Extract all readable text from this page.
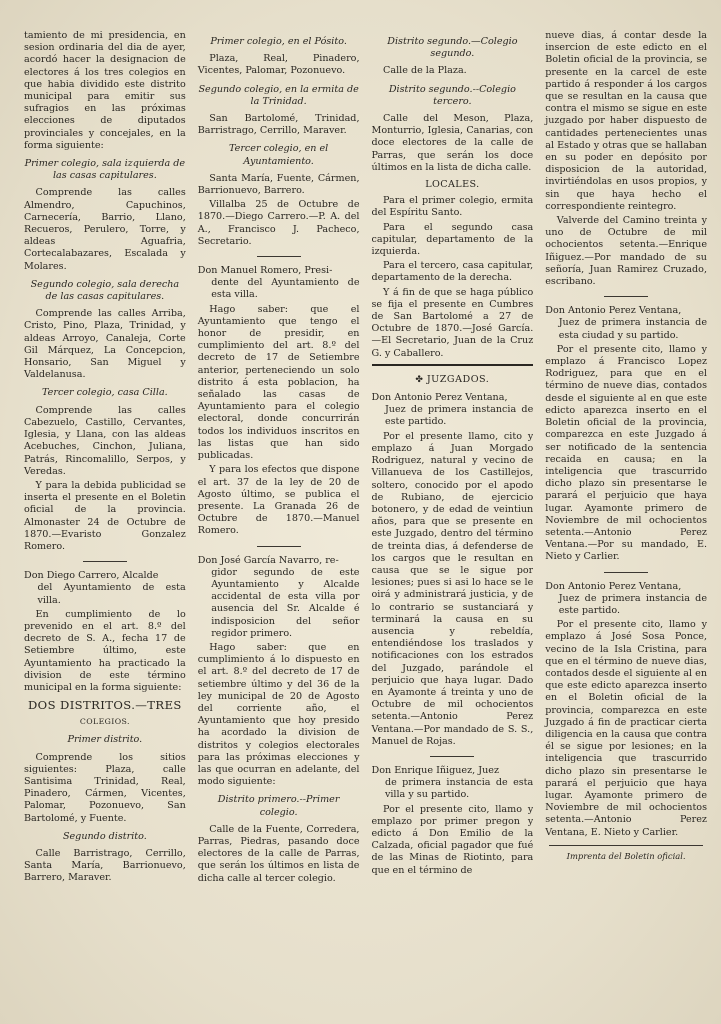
tamiento de mi presidencia, en sesion ordinaria del dia de ayer, acordó hacer la designacion de electores á los tres colegios en que habia dividido este distrito municipal para emitir sus sufragios en las próximas elecciones de diputados provinciales y concejales, en la forma siguiente:

Primer colegio, sala izquierda de las casas capitulares.

Comprende las calles Almendro, Capuchinos, Carnecería, Barrio, Llano, Recueros, Perulero, Torre, y aldeas Aguafria, Cortecalabazares, Escalada y Molares.

Segundo colegio, sala derecha de las casas capitulares.

Comprende las calles Arriba, Cristo, Pino, Plaza, Trinidad, y aldeas Arroyo, Canaleja, Corte Gil Márquez, La Concepcion, Honsario, San Miguel y Valdelanusa.

Tercer colegio, casa Cilla.

Comprende las calles Cabezuelo, Castillo, Cervantes, Iglesia, y Llana, con las aldeas Acebuches, Cinchon, Juliana, Patrás, Rincomalillo, Serpos, y Veredas.

Y para la debida publicidad se inserta el presente en el Boletin oficial de la provincia. Almonaster 24 de Octubre de 1870.—Evaristo Gonzalez Romero.

Don Diego Carrero, Alcalde
del Ayuntamiento de esta villa.

En cumplimiento de lo prevenido en el art. 8.º del decreto de S. A., fecha 17 de Setiembre último, este Ayuntamiento ha practicado la division de este término municipal en la forma siguiente:

DOS DISTRITOS.—TRES

COLEGIOS.

Primer distrito.

Comprende los sitios siguientes: Plaza, calle Santisima Trinidad, Real, Pinadero, Cármen, Vicentes, Palomar, Pozonuevo, San Bartolomé, y Fuente.

Segundo distrito.

Calle Barristrago, Cerrillo, Santa María, Barrionuevo, Barrero, Maraver.

Primer colegio, en el Pósito.

Plaza, Real, Pinadero, Vicentes, Palomar, Pozonuevo.

Segundo colegio, en la ermita de la Trinidad.

San Bartolomé, Trinidad, Barristrago, Cerrillo, Maraver.

Tercer colegio, en el Ayuntamiento.

Santa María, Fuente, Cármen, Barrionuevo, Barrero.

Villalba 25 de Octubre de 1870.—Diego Carrero.—P. A. del A., Francisco J. Pacheco, Secretario.

Don Manuel Romero, Presi-
dente del Ayuntamiento de esta villa.

Hago saber: que el Ayuntamiento que tengo el honor de presidir, en cumplimiento del art. 8.º del decreto de 17 de Setiembre anterior, perteneciendo un solo distrito á esta poblacion, ha señalado las casas de Ayuntamiento para el colegio electoral, donde concurrirán todos los individuos inscritos en las listas que han sido publicadas.

Y para los efectos que dispone el art. 37 de la ley de 20 de Agosto último, se publica el presente. La Granada 26 de Octubre de 1870.—Manuel Romero.

Don José García Navarro, re-
gidor segundo de este Ayuntamiento y Alcalde accidental de esta villa por ausencia del Sr. Alcalde é indisposicion del señor regidor primero.

Hago saber: que en cumplimiento á lo dispuesto en el art. 8.º del decreto de 17 de setiembre último y del 36 de la ley municipal de 20 de Agosto del corriente año, el Ayuntamiento que hoy presido ha acordado la division de distritos y colegios electorales para las próximas elecciones y las que ocurran en adelante, del modo siguiente:

Distrito primero.--Primer colegio.

Calle de la Fuente, Corredera, Parras, Piedras, pasando doce electores de la calle de Parras, que serán los últimos en lista de dicha calle al tercer colegio.

Distrito segundo.—Colegio segundo.

Calle de la Plaza.

Distrito segundo.--Colegio tercero.

Calle del Meson, Plaza, Monturrio, Iglesia, Canarias, con doce electores de la calle de Parras, que serán los doce últimos en la lista de dicha calle.

LOCALES.

Para el primer colegio, ermita del Espíritu Santo.

Para el segundo casa capitular, departamento de la izquierda.

Para el tercero, casa capitular, departamento de la derecha.

Y á fin de que se haga público se fija el presente en Cumbres de San Bartolomé a 27 de Octubre de 1870.—José García.—El Secretario, Juan de la Cruz G. y Caballero.

✤ JUZGADOS.

Don Antonio Perez Ventana,
Juez de primera instancia de este partido.

Por el presente llamo, cito y emplazo á Juan Morgado Rodriguez, natural y vecino de Villanueva de los Castillejos, soltero, conocido por el apodo de Rubiano, de ejercicio botonero, y de edad de veintiun años, para que se presente en este Juzgado, dentro del término de treinta dias, á defenderse de los cargos que le resultan en causa que se le sigue por lesiones; pues si asi lo hace se le oirá y administrará justicia, y de lo contrario se sustanciará y terminará la causa en su ausencia y rebeldía, entendiéndose los traslados y notificaciones con los estrados del Juzgado, parándole el perjuicio que haya lugar. Dado en Ayamonte á treinta y uno de Octubre de mil ochocientos setenta.—Antonio Perez Ventana.—Por mandado de S. S., Manuel de Rojas.

Don Enrique Iñiguez, Juez
de primera instancia de esta villa y su partido.

Por el presente cito, llamo y emplazo por primer pregon y edicto á Don Emilio de la Calzada, oficial pagador que fué de las Minas de Riotinto, para que en el término de

nueve dias, á contar desde la insercion de este edicto en el Boletin oficial de la provincia, se presente en la carcel de este partido á responder á los cargos que se resultan en la causa que contra el mismo se sigue en este juzgado por haber dispuesto de cantidades pertenecientes unas al Estado y otras que se hallaban en su poder en depósito por disposicion de la autoridad, invirtiéndolas en usos propios, y sin que haya hecho el correspondiente reintegro.

Valverde del Camino treinta y uno de Octubre de mil ochocientos setenta.—Enrique Iñiguez.—Por mandado de su señoría, Juan Ramirez Cruzado, escribano.

Don Antonio Perez Ventana,
Juez de primera instancia de esta ciudad y su partido.

Por el presente cito, llamo y emplazo á Francisco Lopez Rodriguez, para que en el término de nueve dias, contados desde el siguiente al en que este edicto aparezca inserto en el Boletin oficial de la provincia, comparezca en este Juzgado á ser notificado de la sentencia recaida en causa; en la inteligencia que trascurrido dicho plazo sin presentarse le parará el perjuicio que haya lugar. Ayamonte primero de Noviembre de mil ochocientos setenta.—Antonio Perez Ventana.—Por su mandado, E. Nieto y Carlier.

Don Antonio Perez Ventana,
Juez de primera instancia de este partido.

Por el presente cito, llamo y emplazo á José Sosa Ponce, vecino de la Isla Cristina, para que en el término de nueve dias, contados desde el siguiente al en que este edicto aparezca inserto en el Boletin oficial de la provincia, comparezca en este Juzgado á fin de practicar cierta diligencia en la causa que contra él se sigue por lesiones; en la inteligencia que trascurrido dicho plazo sin presentarse le parará el perjuicio que haya lugar. Ayamonte primero de Noviembre de mil ochocientos setenta.—Antonio Perez Ventana, E. Nieto y Carlier.

Imprenta del Boletin oficial.
